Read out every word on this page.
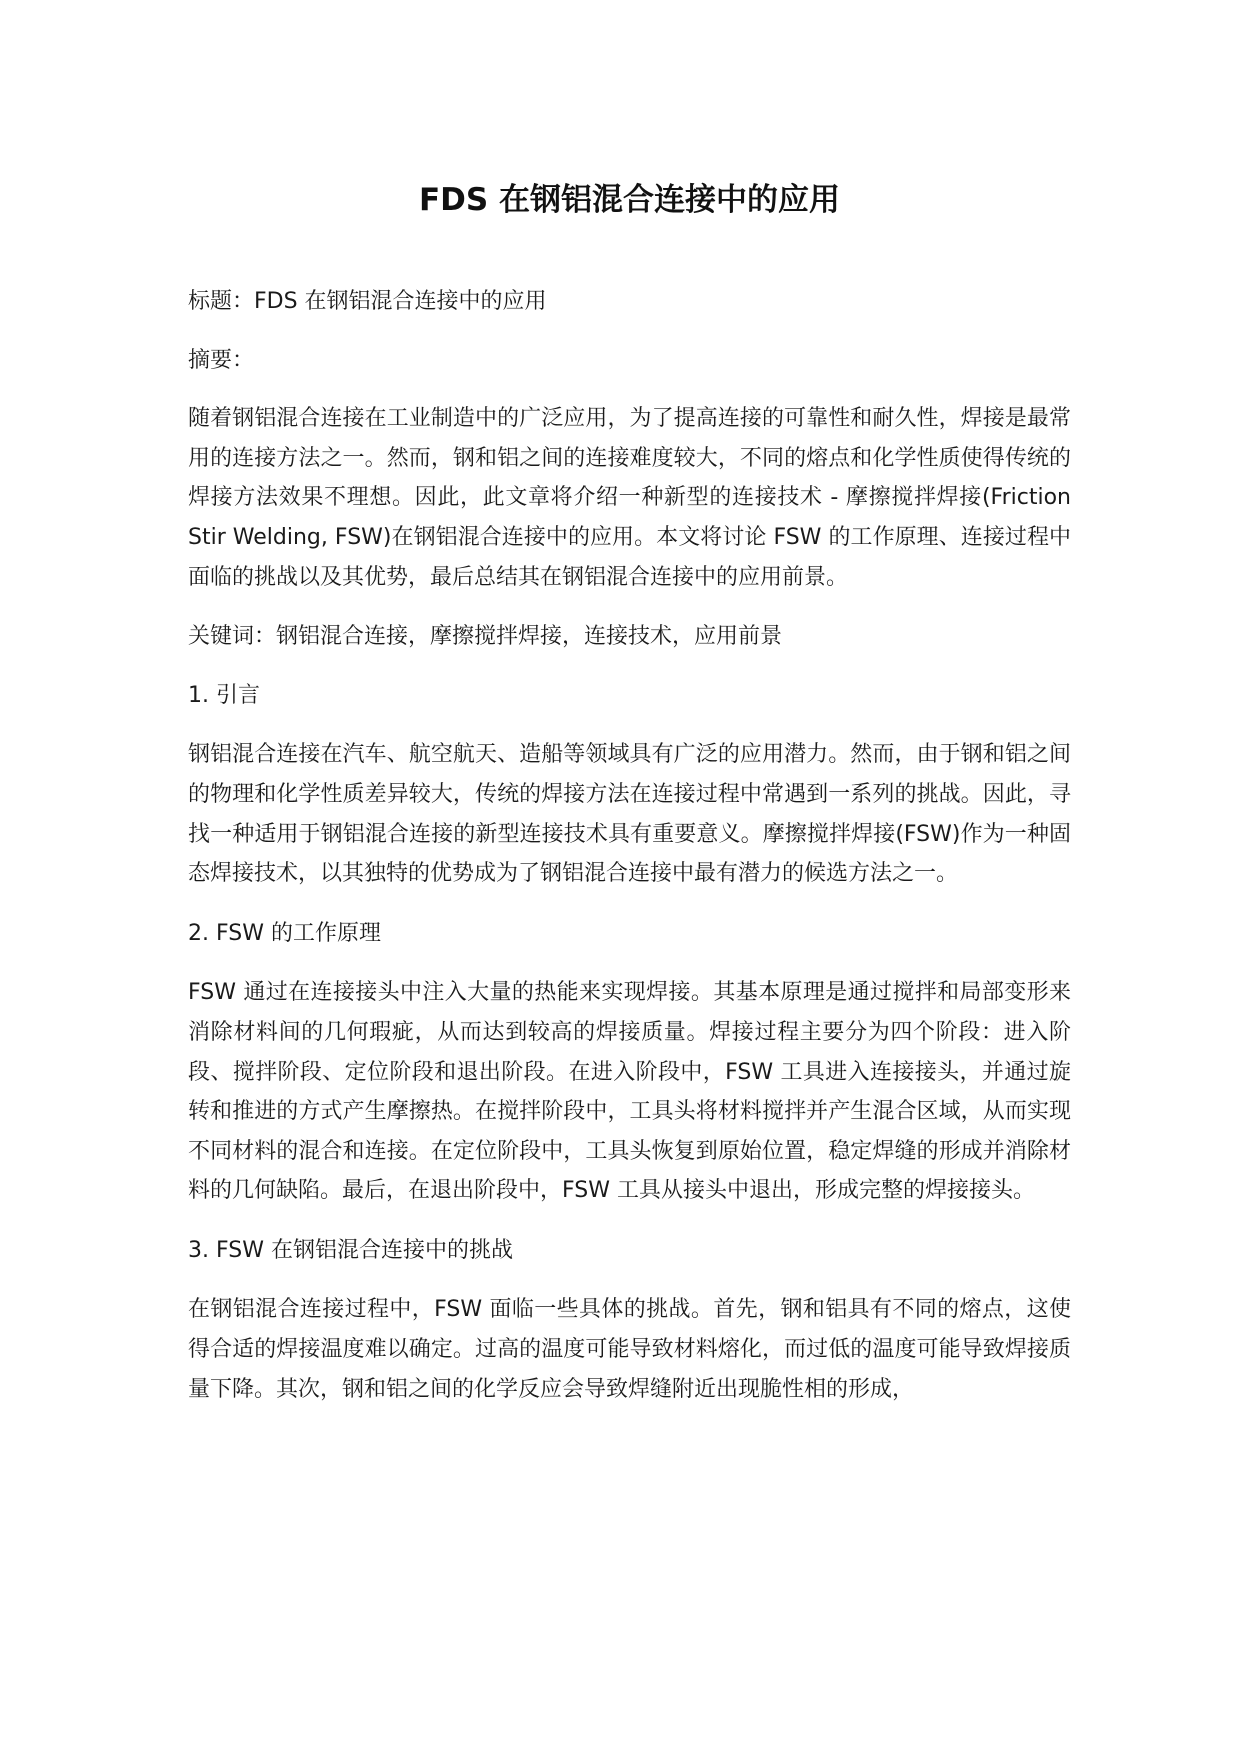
FDS 在钢铝混合连接中的应用

标题：FDS 在钢铝混合连接中的应用

摘要：

随着钢铝混合连接在工业制造中的广泛应用，为了提高连接的可靠性和耐久性，焊接是最常用的连接方法之一。然而，钢和铝之间的连接难度较大，不同的熔点和化学性质使得传统的焊接方法效果不理想。因此，此文章将介绍一种新型的连接技术 - 摩擦搅拌焊接(Friction Stir Welding, FSW)在钢铝混合连接中的应用。本文将讨论 FSW 的工作原理、连接过程中面临的挑战以及其优势，最后总结其在钢铝混合连接中的应用前景。

关键词：钢铝混合连接，摩擦搅拌焊接，连接技术，应用前景

1. 引言

钢铝混合连接在汽车、航空航天、造船等领域具有广泛的应用潜力。然而，由于钢和铝之间的物理和化学性质差异较大，传统的焊接方法在连接过程中常遇到一系列的挑战。因此，寻找一种适用于钢铝混合连接的新型连接技术具有重要意义。摩擦搅拌焊接(FSW)作为一种固态焊接技术，以其独特的优势成为了钢铝混合连接中最有潜力的候选方法之一。

2. FSW 的工作原理

FSW 通过在连接接头中注入大量的热能来实现焊接。其基本原理是通过搅拌和局部变形来消除材料间的几何瑕疵，从而达到较高的焊接质量。焊接过程主要分为四个阶段：进入阶段、搅拌阶段、定位阶段和退出阶段。在进入阶段中，FSW 工具进入连接接头，并通过旋转和推进的方式产生摩擦热。在搅拌阶段中，工具头将材料搅拌并产生混合区域，从而实现不同材料的混合和连接。在定位阶段中，工具头恢复到原始位置，稳定焊缝的形成并消除材料的几何缺陷。最后，在退出阶段中，FSW 工具从接头中退出，形成完整的焊接接头。

3. FSW 在钢铝混合连接中的挑战

在钢铝混合连接过程中，FSW 面临一些具体的挑战。首先，钢和铝具有不同的熔点，这使得合适的焊接温度难以确定。过高的温度可能导致材料熔化，而过低的温度可能导致焊接质量下降。其次，钢和铝之间的化学反应会导致焊缝附近出现脆性相的形成，
